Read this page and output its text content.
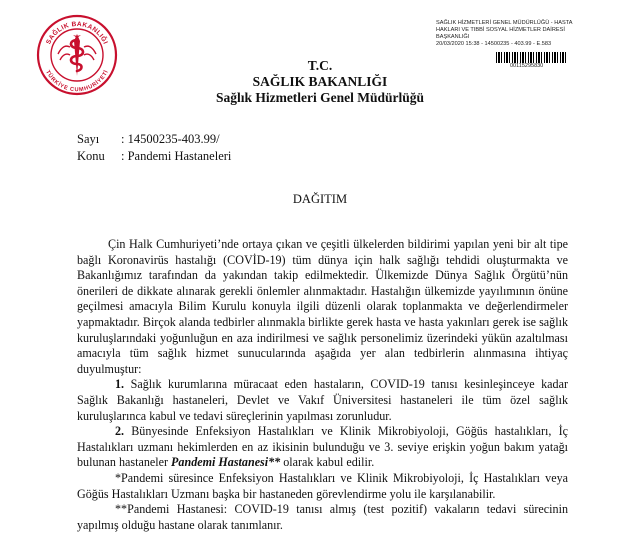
SAĞLIK BAKANLIĞI
TÜRKİYE CUMHURİYETİ
SAĞLIK HİZMETLERİ GENEL MÜDÜRLÜĞÜ - HASTA
HAKLARI VE TIBBİ SOSYAL HİZMETLER DAİRESİ
BAŞKANLIĞI
20/03/2020 15:38 - 14500235 - 403.99 - E.583
00115295830
T.C.
SAĞLIK BAKANLIĞI
Sağlık Hizmetleri Genel Müdürlüğü
Sayı : 14500235-403.99/
Konu : Pandemi Hastaneleri
DAĞITIM

Çin Halk Cumhuriyeti’nde ortaya çıkan ve çeşitli ülkelerden bildirimi yapılan yeni bir alt tipe bağlı Koronavirüs hastalığı (COVİD-19) tüm dünya için halk sağlığı tehdidi oluşturmakta ve Bakanlığımız tarafından da yakından takip edilmektedir. Ülkemizde Dünya Sağlık Örgütü’nün önerileri de dikkate alınarak gerekli önlemler alınmaktadır. Hastalığın ülkemizde yayılımının önüne geçilmesi amacıyla Bilim Kurulu konuyla ilgili düzenli olarak toplanmakta ve değerlendirmeler yapmaktadır. Birçok alanda tedbirler alınmakla birlikte gerek hasta ve hasta yakınları gerek ise sağlık kuruluşlarındaki yoğunluğun en aza indirilmesi ve sağlık personelimiz üzerindeki yükün azaltılması amacıyla tüm sağlık hizmet sunucularında aşağıda yer alan tedbirlerin alınmasına ihtiyaç duyulmuştur:

1. Sağlık kurumlarına müracaat eden hastaların, COVID-19 tanısı kesinleşinceye kadar Sağlık Bakanlığı hastaneleri, Devlet ve Vakıf Üniversitesi hastaneleri ile tüm özel sağlık kuruluşlarınca kabul ve tedavi süreçlerinin yapılması zorunludur.

2. Bünyesinde Enfeksiyon Hastalıkları ve Klinik Mikrobiyoloji, Göğüs hastalıkları, İç Hastalıkları uzmanı hekimlerden en az ikisinin bulunduğu ve 3. seviye erişkin yoğun bakım yatağı bulunan hastaneler Pandemi Hastanesi** olarak kabul edilir.

*Pandemi süresince Enfeksiyon Hastalıkları ve Klinik Mikrobiyoloji, İç Hastalıkları veya Göğüs Hastalıkları Uzmanı başka bir hastaneden görevlendirme yolu ile karşılanabilir.

**Pandemi Hastanesi: COVID-19 tanısı almış (test pozitif) vakaların tedavi sürecinin yapılmış olduğu hastane olarak tanımlanır.
